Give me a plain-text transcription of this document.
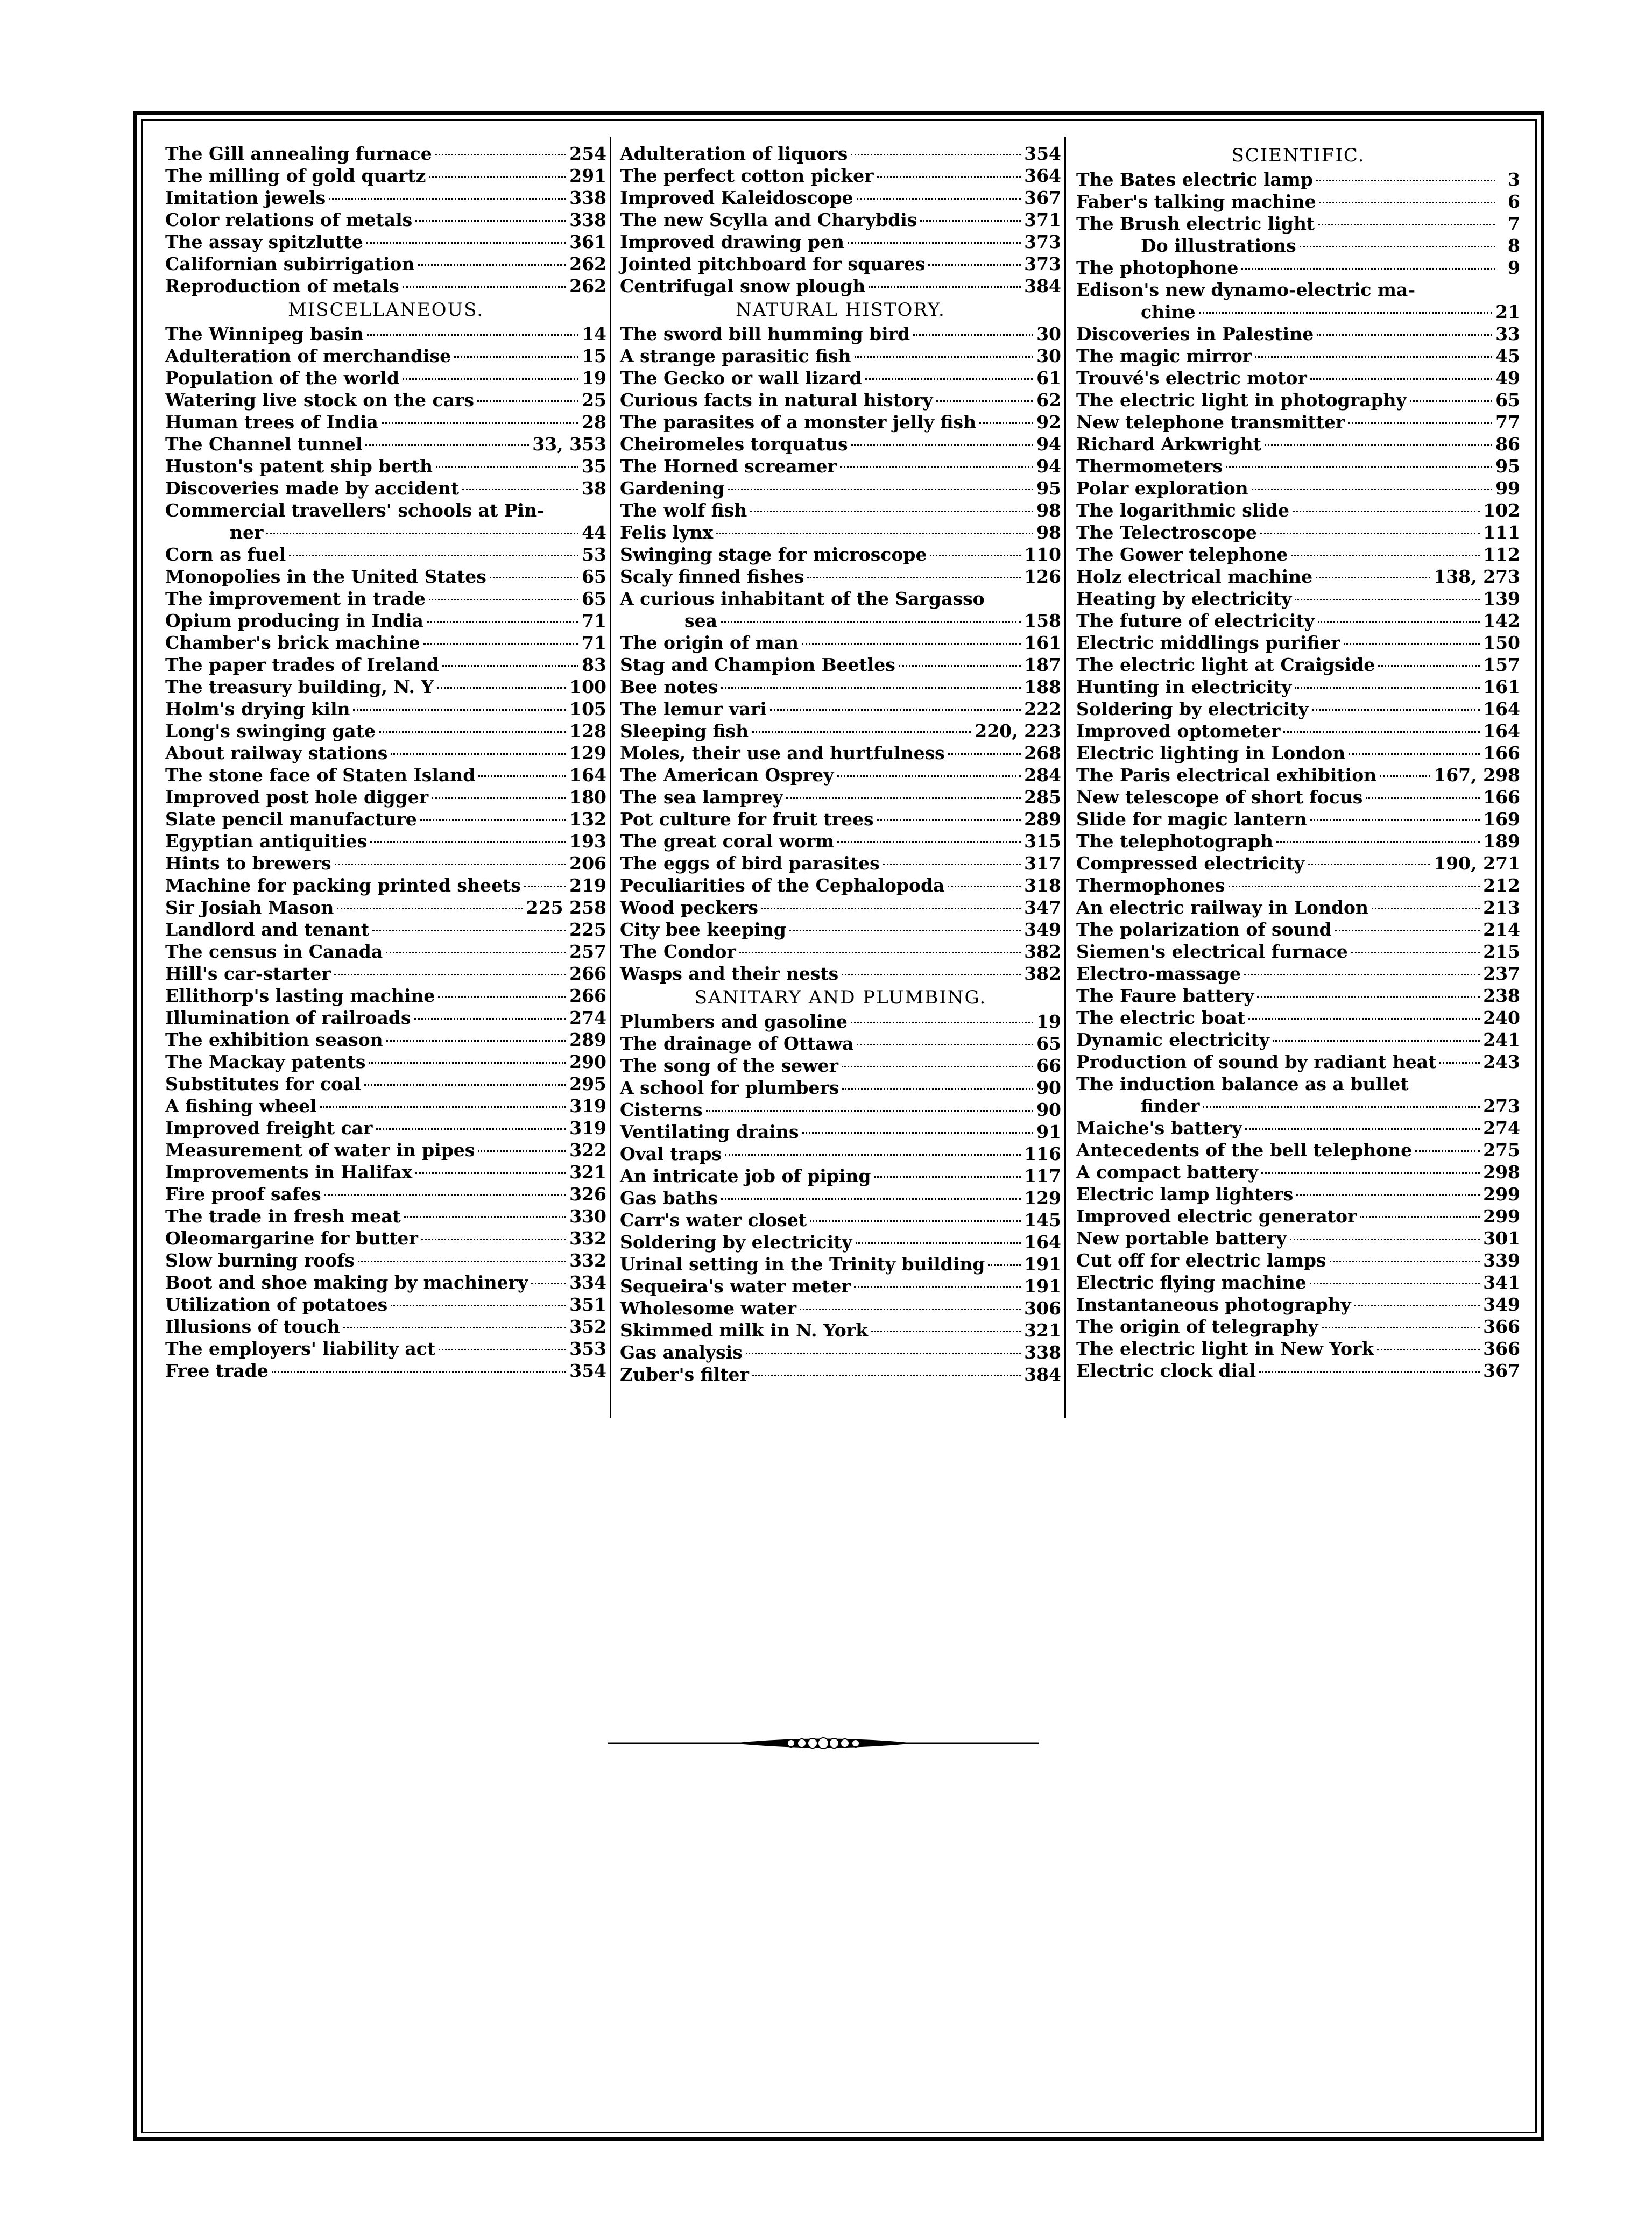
The Gill annealing furnace	254
The milling of gold quartz	291
Imitation jewels	338
Color relations of metals	338
The assay spitzlutte	361
Californian subirrigation	262
Reproduction of metals	262
MISCELLANEOUS.
The Winnipeg basin	14
Adulteration of merchandise	15
Population of the world	19
Watering live stock on the cars	25
Human trees of India	28
The Channel tunnel	33, 353
Huston's patent ship berth	35
Discoveries made by accident	38
Commercial travellers' schools at Pin-
ner	44
Corn as fuel	53
Monopolies in the United States	65
The improvement in trade	65
Opium producing in India	71
Chamber's brick machine	71
The paper trades of Ireland	83
The treasury building, N. Y	100
Holm's drying kiln	105
Long's swinging gate	128
About railway stations	129
The stone face of Staten Island	164
Improved post hole digger	180
Slate pencil manufacture	132
Egyptian antiquities	193
Hints to brewers	206
Machine for packing printed sheets	219
Sir Josiah Mason	225 258
Landlord and tenant	225
The census in Canada	257
Hill's car-starter	266
Ellithorp's lasting machine	266
Illumination of railroads	274
The exhibition season	289
The Mackay patents	290
Substitutes for coal	295
A fishing wheel	319
Improved freight car	319
Measurement of water in pipes	322
Improvements in Halifax	321
Fire proof safes	326
The trade in fresh meat	330
Oleomargarine for butter	332
Slow burning roofs	332
Boot and shoe making by machinery 334
Utilization of potatoes	351
Illusions of touch	352
The employers' liability act	353
Free trade	354
Adulteration of liquors	354
The perfect cotton picker	364
Improved Kaleidoscope	367
The new Scylla and Charybdis	371
Improved drawing pen	373
Jointed pitchboard for squares	373
Centrifugal snow plough	384
NATURAL HISTORY.
The sword bill humming bird	30
A strange parasitic fish	30
The Gecko or wall lizard	61
Curious facts in natural history	62
The parasites of a monster jelly fish	92
Cheiromeles torquatus	94
The Horned screamer	94
Gardening	95
The wolf fish	98
Felis lynx	98
Swinging stage for microscope	110
Scaly finned fishes	126
A curious inhabitant of the Sargasso
sea	158
The origin of man	161
Stag and Champion Beetles	187
Bee notes	188
The lemur vari	222
Sleeping fish	220, 223
Moles, their use and hurtfulness	268
The American Osprey	284
The sea lamprey	285
Pot culture for fruit trees	289
The great coral worm	315
The eggs of bird parasites	317
Peculiarities of the Cephalopoda	318
Wood peckers	347
City bee keeping	349
The Condor	382
Wasps and their nests	382
SANITARY AND PLUMBING.
Plumbers and gasoline	19
The drainage of Ottawa	65
The song of the sewer	66
A school for plumbers	90
Cisterns	90
Ventilating drains	91
Oval traps	116
An intricate job of piping	117
Gas baths	129
Carr's water closet	145
Soldering by electricity	164
Urinal setting in the Trinity building 191
Sequeira's water meter	191
Wholesome water	306
Skimmed milk in N. York	321
Gas analysis	338
Zuber's filter	384
SCIENTIFIC.
The Bates electric lamp	3
Faber's talking machine	6
The Brush electric light	7
Do illustrations	8
The photophone	9
Edison's new dynamo-electric ma-
chine	21
Discoveries in Palestine	33
The magic mirror	45
Trouvé's electric motor	49
The electric light in photography	65
New telephone transmitter	77
Richard Arkwright	86
Thermometers	95
Polar exploration	99
The logarithmic slide	102
The Telectroscope	111
The Gower telephone	112
Holz electrical machine	138, 273
Heating by electricity	139
The future of electricity	142
Electric middlings purifier	150
The electric light at Craigside	157
Hunting in electricity	161
Soldering by electricity	164
Improved optometer	164
Electric lighting in London	166
The Paris electrical exhibition	167, 298
New telescope of short focus	166
Slide for magic lantern	169
The telephotograph	189
Compressed electricity	190, 271
Thermophones	212
An electric railway in London	213
The polarization of sound	214
Siemen's electrical furnace	215
Electro-massage	237
The Faure battery	238
The electric boat	240
Dynamic electricity	241
Production of sound by radiant heat	243
The induction balance as a bullet
finder	273
Maiche's battery	274
Antecedents of the bell telephone	275
A compact battery	298
Electric lamp lighters	299
Improved electric generator	299
New portable battery	301
Cut off for electric lamps	339
Electric flying machine	341
Instantaneous photography	349
The origin of telegraphy	366
The electric light in New York	366
Electric clock dial	367
